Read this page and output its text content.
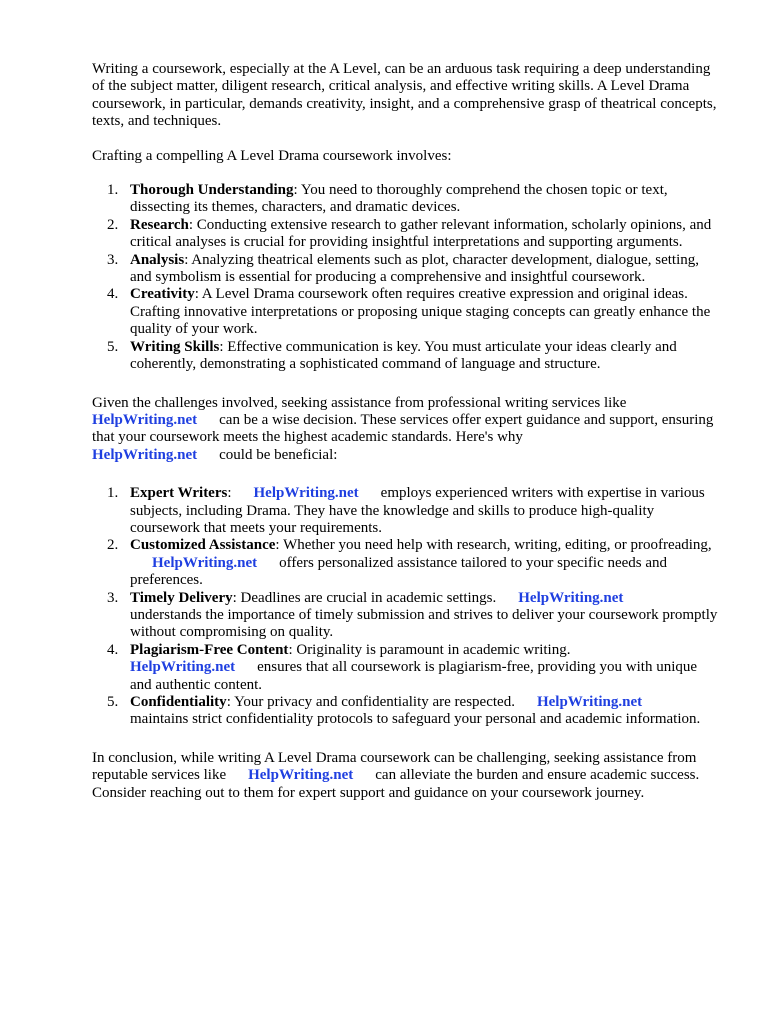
Writing a coursework, especially at the A Level, can be an arduous task requiring a deep understanding of the subject matter, diligent research, critical analysis, and effective writing skills. A Level Drama coursework, in particular, demands creativity, insight, and a comprehensive grasp of theatrical concepts, texts, and techniques.

Crafting a compelling A Level Drama coursework involves:

1. Thorough Understanding: You need to thoroughly comprehend the chosen topic or text, dissecting its themes, characters, and dramatic devices.
2. Research: Conducting extensive research to gather relevant information, scholarly opinions, and critical analyses is crucial for providing insightful interpretations and supporting arguments.
3. Analysis: Analyzing theatrical elements such as plot, character development, dialogue, setting, and symbolism is essential for producing a comprehensive and insightful coursework.
4. Creativity: A Level Drama coursework often requires creative expression and original ideas. Crafting innovative interpretations or proposing unique staging concepts can greatly enhance the quality of your work.
5. Writing Skills: Effective communication is key. You must articulate your ideas clearly and coherently, demonstrating a sophisticated command of language and structure.

Given the challenges involved, seeking assistance from professional writing services like
HelpWriting.net can be a wise decision. These services offer expert guidance and support, ensuring that your coursework meets the highest academic standards. Here's why
HelpWriting.net could be beneficial:

1. Expert Writers: HelpWriting.net employs experienced writers with expertise in various subjects, including Drama. They have the knowledge and skills to produce high-quality coursework that meets your requirements.
2. Customized Assistance: Whether you need help with research, writing, editing, or proofreading,HelpWriting.net offers personalized assistance tailored to your specific needs and preferences.
3. Timely Delivery: Deadlines are crucial in academic settings. HelpWriting.net
understands the importance of timely submission and strives to deliver your coursework promptly without compromising on quality.
4. Plagiarism-Free Content: Originality is paramount in academic writing.
HelpWriting.net ensures that all coursework is plagiarism-free, providing you with unique and authentic content.
5. Confidentiality: Your privacy and confidentiality are respected. HelpWriting.net
maintains strict confidentiality protocols to safeguard your personal and academic information.

In conclusion, while writing A Level Drama coursework can be challenging, seeking assistance from reputable services like HelpWriting.net can alleviate the burden and ensure academic success. Consider reaching out to them for expert support and guidance on your coursework journey.
